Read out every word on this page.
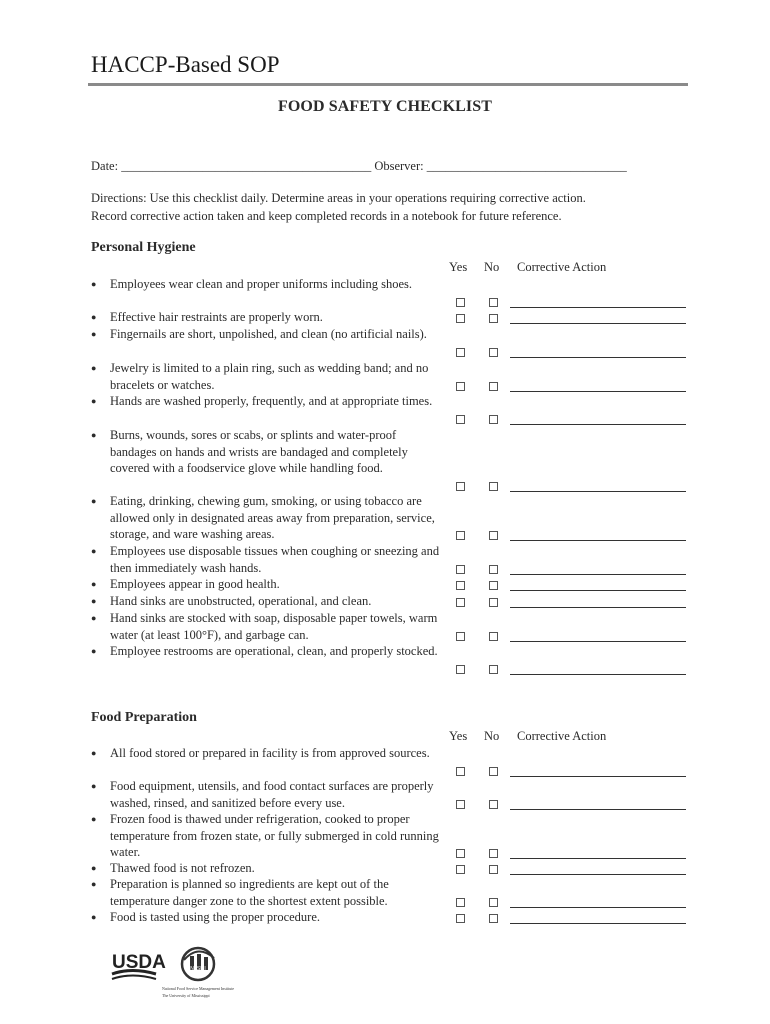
HACCP-Based SOP
FOOD SAFETY CHECKLIST
Date: ________________________________________ Observer: ________________________________
Directions: Use this checklist daily. Determine areas in your operations requiring corrective action.
Record corrective action taken and keep completed records in a notebook for future reference.
Personal Hygiene
Yes No Corrective Action
● Employees wear clean and proper uniforms including shoes.
● Effective hair restraints are properly worn.
● Fingernails are short, unpolished, and clean (no artificial nails).
● Jewelry is limited to a plain ring, such as wedding band; and no bracelets or watches.
● Hands are washed properly, frequently, and at appropriate times.
● Burns, wounds, sores or scabs, or splints and water-proof bandages on hands and wrists are bandaged and completely covered with a foodservice glove while handling food.
● Eating, drinking, chewing gum, smoking, or using tobacco are allowed only in designated areas away from preparation, service, storage, and ware washing areas.
● Employees use disposable tissues when coughing or sneezing and then immediately wash hands.
● Employees appear in good health.
● Hand sinks are unobstructed, operational, and clean.
● Hand sinks are stocked with soap, disposable paper towels, warm water (at least 100°F), and garbage can.
● Employee restrooms are operational, clean, and properly stocked.
Food Preparation
Yes No Corrective Action
● All food stored or prepared in facility is from approved sources.
● Food equipment, utensils, and food contact surfaces are properly washed, rinsed, and sanitized before every use.
● Frozen food is thawed under refrigeration, cooked to proper temperature from frozen state, or fully submerged in cold running water.
● Thawed food is not refrozen.
● Preparation is planned so ingredients are kept out of the temperature danger zone to the shortest extent possible.
● Food is tasted using the proper procedure.
USDA	NFSMI
National Food Service Management Institute
The University of Mississippi
